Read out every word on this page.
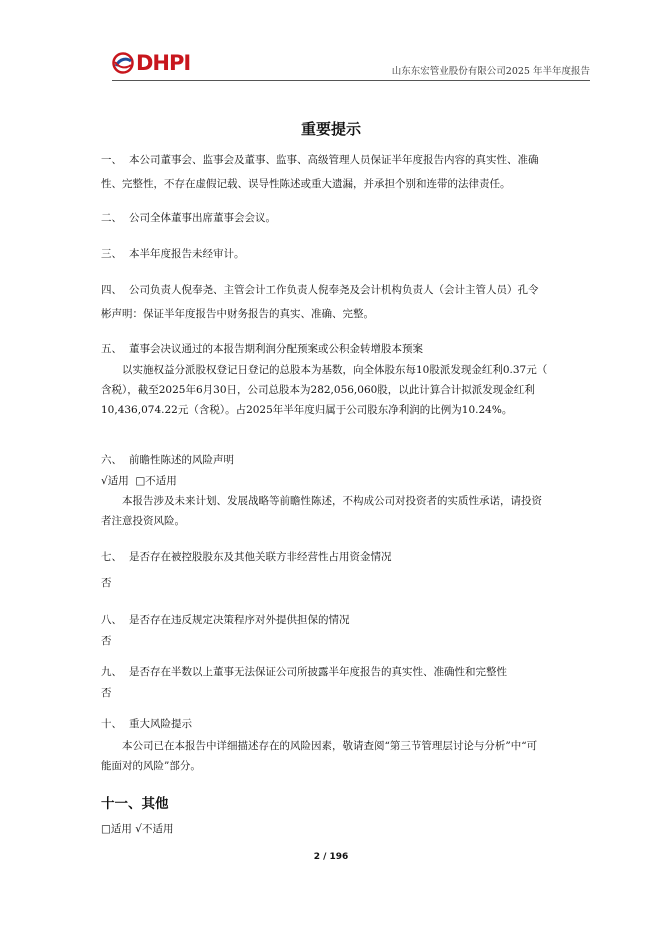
DHPI	山东东宏管业股份有限公司2025 年半年度报告
重要提示
一、 本公司董事会、监事会及董事、监事、高级管理人员保证半年度报告内容的真实性、准确
性、完整性，不存在虚假记载、误导性陈述或重大遗漏，并承担个别和连带的法律责任。
二、 公司全体董事出席董事会会议。
三、 本半年度报告未经审计。
四、 公司负责人倪奉尧、主管会计工作负责人倪奉尧及会计机构负责人（会计主管人员）孔令
彬声明：保证半年度报告中财务报告的真实、准确、完整。
五、 董事会决议通过的本报告期利润分配预案或公积金转增股本预案
以实施权益分派股权登记日登记的总股本为基数，向全体股东每10股派发现金红利0.37元（
含税），截至2025年6月30日，公司总股本为282,056,060股，以此计算合计拟派发现金红利
10,436,074.22元（含税）。占2025年半年度归属于公司股东净利润的比例为10.24%。
六、 前瞻性陈述的风险声明
√适用  □不适用
本报告涉及未来计划、发展战略等前瞻性陈述，不构成公司对投资者的实质性承诺，请投资
者注意投资风险。
七、 是否存在被控股股东及其他关联方非经营性占用资金情况
否
八、 是否存在违反规定决策程序对外提供担保的情况
否
九、 是否存在半数以上董事无法保证公司所披露半年度报告的真实性、准确性和完整性
否
十、 重大风险提示
本公司已在本报告中详细描述存在的风险因素，敬请查阅“第三节管理层讨论与分析”中“可
能面对的风险”部分。
十一、其他
□适用 √不适用
2 / 196
